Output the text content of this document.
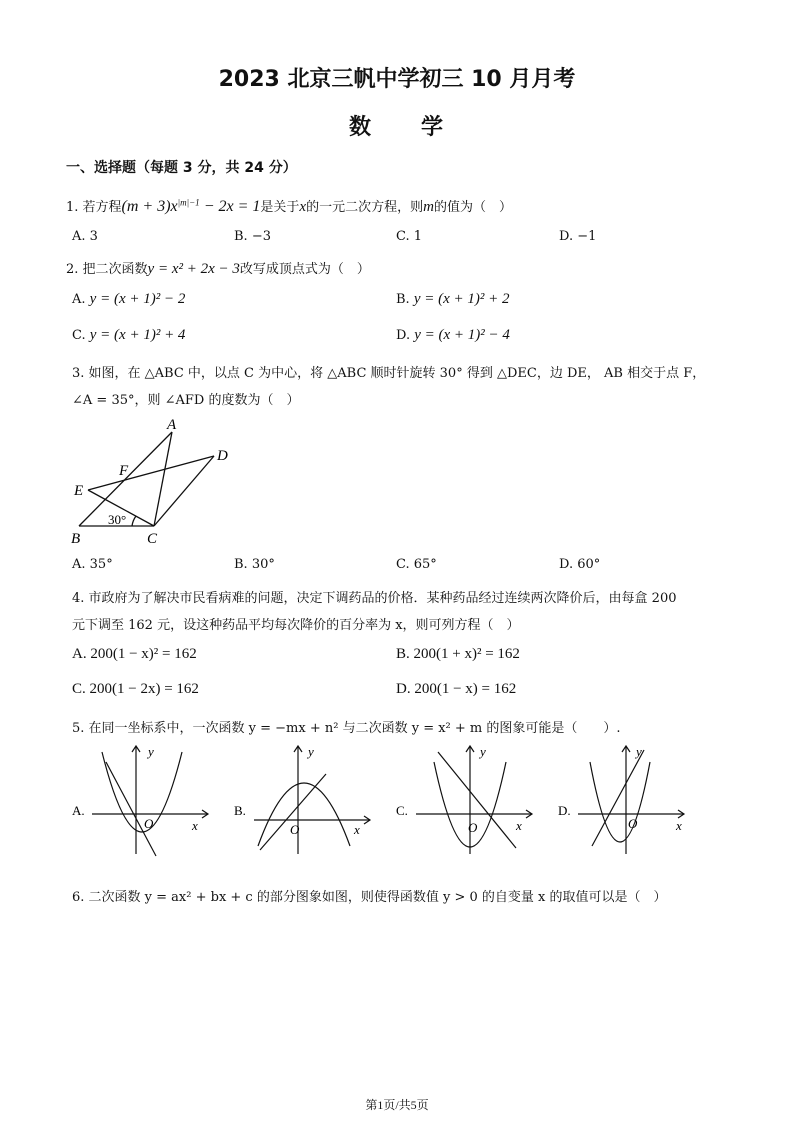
2023 北京三帆中学初三 10 月月考
数　　学
一、选择题（每题 3 分，共 24 分）
1. 若方程$(m + 3)x^{|m|-1} - 2x = 1$是关于x的一元二次方程，则m的值为（　）
A. 3	B. −3	C. 1	D. −1
2. 把二次函数y = x² + 2x − 3改写成顶点式为（　）
A. y = (x + 1)² − 2	B. y = (x + 1)² + 2
C. y = (x + 1)² + 4	D. y = (x + 1)² − 4
3. 如图，在 △ABC 中，以点 C 为中心，将 △ABC 顺时针旋转 30° 得到 △DEC，边 DE， AB 相交于点 F，
∠A = 35°，则 ∠AFD 的度数为（　）
A
D
F
E
30°
B	C
A. 35°	B. 30°	C. 65°	D. 60°
4. 市政府为了解决市民看病难的问题，决定下调药品的价格．某种药品经过连续两次降价后，由每盒 200
元下调至 162 元，设这种药品平均每次降价的百分率为 x，则可列方程（　）
A. 200(1 − x)² = 162	B. 200(1 + x)² = 162
C. 200(1 − 2x) = 162	D. 200(1 − x) = 162
5. 在同一坐标系中，一次函数 y = −mx + n² 与二次函数 y = x² + m 的图象可能是（　　）.
A.
y
x
O
B.
y
x
O
C.
y
x
O
D.
y
x
O
6. 二次函数 y = ax² + bx + c 的部分图象如图，则使得函数值 y > 0 的自变量 x 的取值可以是（　）
第1页/共5页
